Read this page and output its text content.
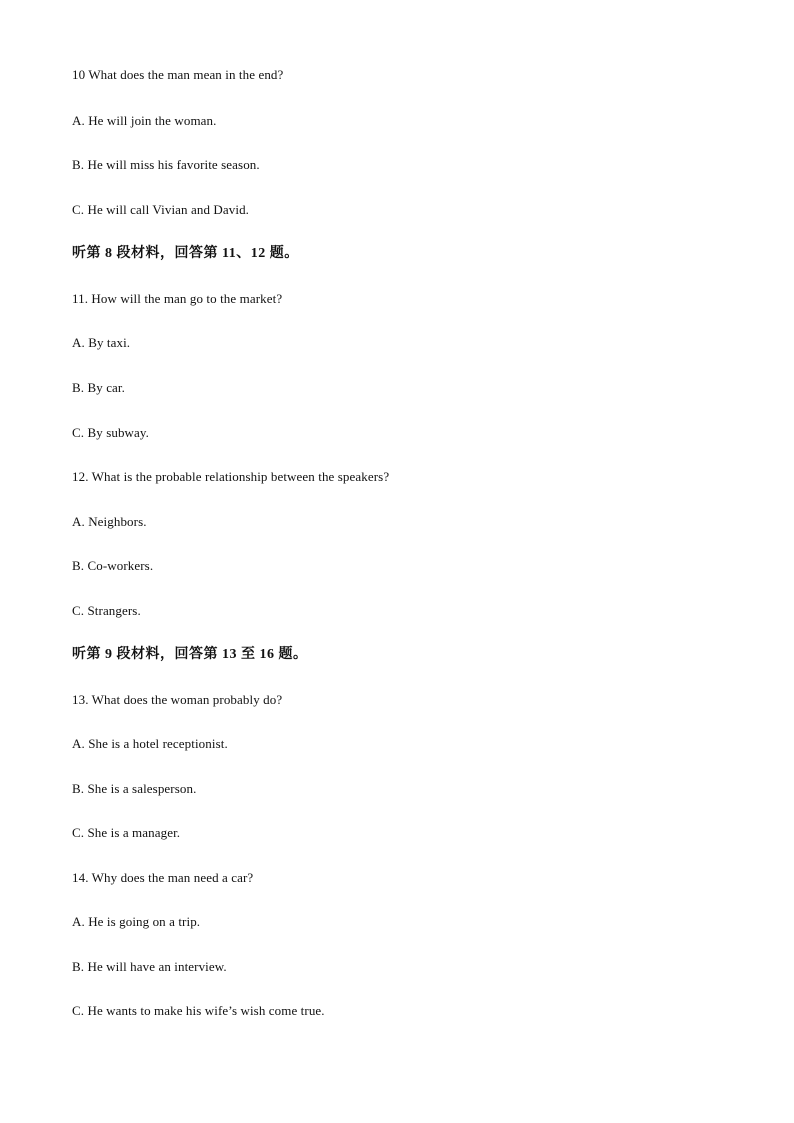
10 What does the man mean in the end?
A. He will join the woman.
B. He will miss his favorite season.
C. He will call Vivian and David.
听第 8 段材料，回答第 11、12 题。
11. How will the man go to the market?
A. By taxi.
B. By car.
C. By subway.
12. What is the probable relationship between the speakers?
A. Neighbors.
B. Co-workers.
C. Strangers.
听第 9 段材料，回答第 13 至 16 题。
13. What does the woman probably do?
A. She is a hotel receptionist.
B. She is a salesperson.
C. She is a manager.
14. Why does the man need a car?
A. He is going on a trip.
B. He will have an interview.
C. He wants to make his wife’s wish come true.
